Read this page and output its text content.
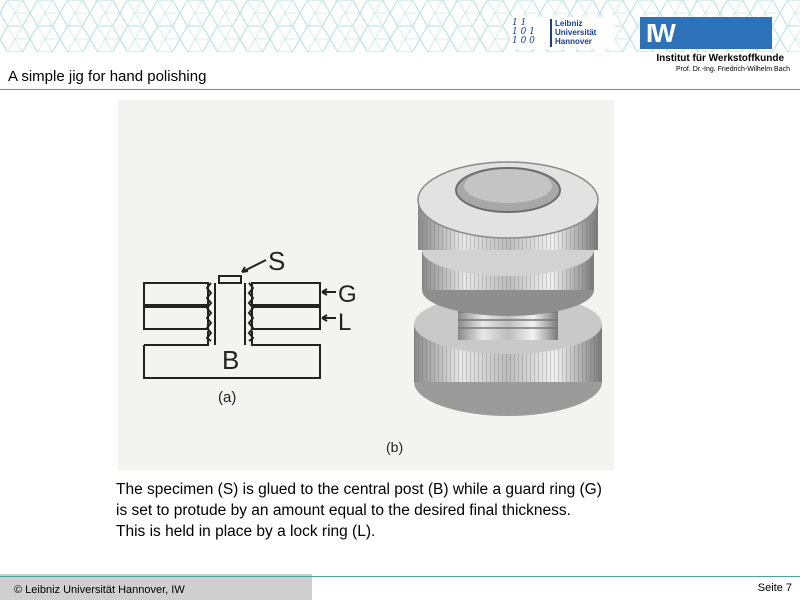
1 1
1 0 1
1 0 0
Leibniz
Universität
Hannover IW
Institut für Werkstoffkunde
Prof. Dr.-Ing. Friedrich-Wilhelm Bach
A simple jig for hand polishing
S
G
L
B
(a)
(b)
The specimen (S) is glued to the central post (B) while a guard ring (G)
is set to protude by an amount equal to the desired final thickness.
This is held in place by a lock ring (L).
© Leibniz Universität Hannover, IW	Seite 7
